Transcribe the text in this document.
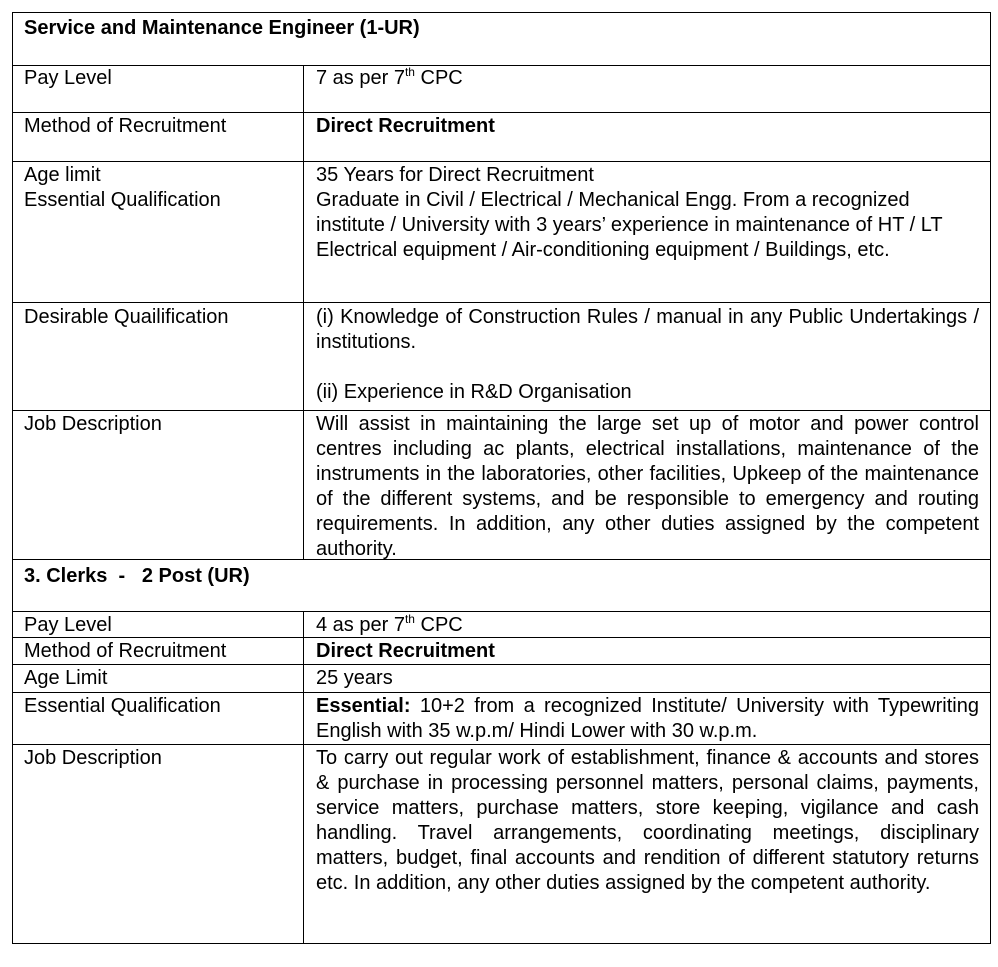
Service and Maintenance Engineer (1-UR)
Pay Level	7 as per 7th CPC
Method of Recruitment	Direct Recruitment
Age limit	35 Years for Direct Recruitment
Essential Qualification	Graduate in Civil / Electrical / Mechanical Engg. From a recognized institute / University with 3 years’ experience in maintenance of HT / LT Electrical equipment / Air-conditioning equipment / Buildings, etc.
Desirable Quailification	(i) Knowledge of Construction Rules / manual in any Public Undertakings / institutions.
(ii) Experience in R&D Organisation
Job Description	Will assist in maintaining the large set up of motor and power control centres including ac plants, electrical installations, maintenance of the instruments in the laboratories, other facilities, Upkeep of the maintenance of the different systems, and be responsible to emergency and routing requirements. In addition, any other duties assigned by the competent authority.
3. Clerks  -   2 Post (UR)
Pay Level	4 as per 7th CPC
Method of Recruitment	Direct Recruitment
Age Limit	25 years
Essential Qualification	Essential: 10+2 from a recognized Institute/ University with Typewriting   English with 35 w.p.m/ Hindi Lower with 30 w.p.m.
Job Description	To carry out regular work of establishment, finance & accounts and stores & purchase in processing personnel matters, personal claims, payments, service matters, purchase matters, store keeping, vigilance and cash handling. Travel arrangements, coordinating meetings, disciplinary matters, budget, final accounts and rendition of different statutory returns etc. In addition, any other duties assigned by the competent authority.
